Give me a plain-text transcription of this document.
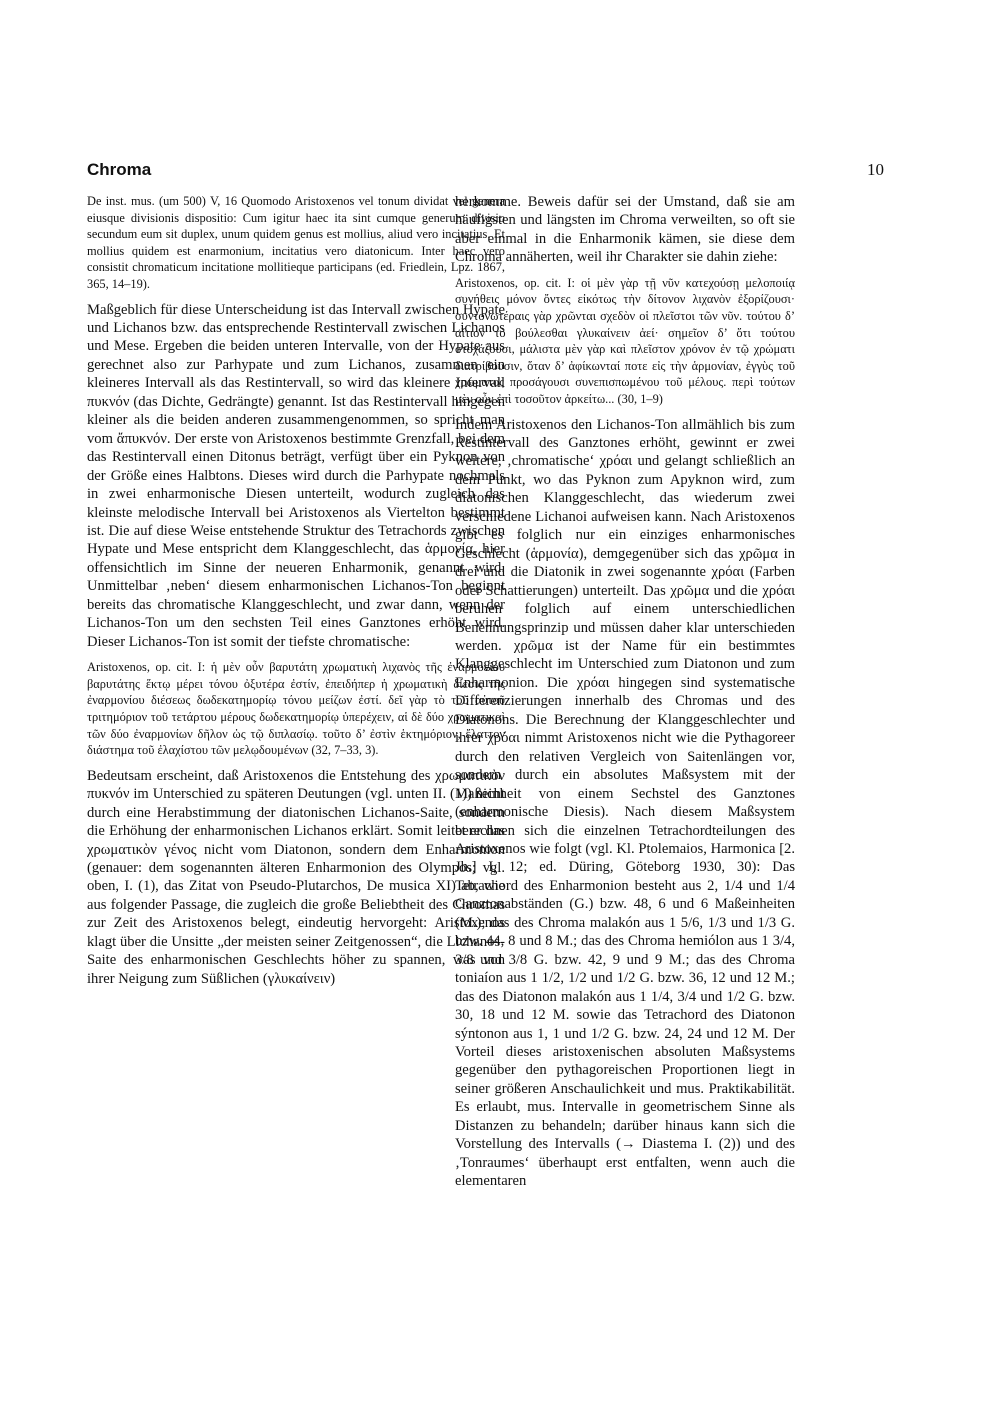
Chroma	10

De inst. mus. (um 500) V, 16 Quomodo Aristoxenos vel tonum dividat vel genera eiusque divisionis dispositio: Cum igitur haec ita sint cumque generum divisio secundum eum sit duplex, unum quidem genus est mollius, aliud vero incitatius. Et mollius quidem est enarmonium, incitatius vero diatonicum. Inter haec vero consistit chromaticum incitatione mollitieque participans (ed. Friedlein, Lpz. 1867, 365, 14–19).

Maßgeblich für diese Unterscheidung ist das Intervall zwischen Hypate und Lichanos bzw. das entsprechende Restintervall zwischen Lichanos und Mese. Ergeben die beiden unteren Intervalle, von der Hypate aus gerechnet also zur Parhypate und zum Lichanos, zusammen ein kleineres Intervall als das Restintervall, so wird das kleinere Intervall πυκνόν (das Dichte, Gedrängte) genannt. Ist das Restintervall hingegen kleiner als die beiden anderen zusammengenommen, so spricht man vom ἄπυκνόν. Der erste von Aristoxenos bestimmte Grenzfall, bei dem das Restintervall einen Ditonus beträgt, verfügt über ein Pyknon von der Größe eines Halbtons. Dieses wird durch die Parhypate nochmals in zwei enharmonische Diesen unterteilt, wodurch zugleich das kleinste melodische Intervall bei Aristoxenos als Viertelton bestimmt ist. Die auf diese Weise entstehende Struktur des Tetrachords zwischen Hypate und Mese entspricht dem Klanggeschlecht, das ἁρμονία, hier offensichtlich im Sinne der neueren Enharmonik, genannt wird. Unmittelbar ‚neben‘ diesem enharmonischen Lichanos-Ton beginnt bereits das chromatische Klanggeschlecht, und zwar dann, wenn der Lichanos-Ton um den sechsten Teil eines Ganztones erhöht wird. Dieser Lichanos-Ton ist somit der tiefste chromatische:

Aristoxenos, op. cit. I: ἡ μὲν οὖν βαρυτάτη χρωματικὴ λιχανὸς τῆς ἐναρμονίου βαρυτάτης ἕκτῳ μέρει τόνου ὀξυτέρα ἐστίν, ἐπειδήπερ ἡ χρωματικὴ δίεσις τῆς ἐναρμονίου διέσεως δωδεκατημορίῳ τόνου μείζων ἐστί. δεῖ γὰρ τὸ τοῦ αὐτοῦ τριτημόριον τοῦ τετάρτου μέρους δωδεκατημορίῳ ὑπερέχειν, αἱ δὲ δύο χρωματικαὶ τῶν δύο ἐναρμονίων δῆλον ὡς τῷ διπλασίῳ. τοῦτο δ’ ἐστὶν ἑκτημόριον, ἔλαττον διάστημα τοῦ ἐλαχίστου τῶν μελῳδουμένων (32, 7–33, 3).

Bedeutsam erscheint, daß Aristoxenos die Entstehung des χρωματικὸν πυκνόν im Unterschied zu späteren Deutungen (vgl. unten II. (1)) nicht durch eine Herabstimmung der diatonischen Lichanos-Saite, sondern die Erhöhung der enharmonischen Lichanos erklärt. Somit leitet er das χρωματικὸν γένος nicht vom Diatonon, sondern dem Enharmonion (genauer: dem sogenannten älteren Enharmonion des Olympos; vgl. oben, I. (1), das Zitat von Pseudo-Plutarchos, De musica XI) ab, wie aus folgender Passage, die zugleich die große Beliebtheit des Chromas zur Zeit des Aristoxenos belegt, eindeutig hervorgeht: Aristoxenos klagt über die Unsitte „der meisten seiner Zeitgenossen“, die Lichanos-Saite des enharmonischen Geschlechts höher zu spannen, was von ihrer Neigung zum Süßlichen (γλυκαίνειν)

herkomme. Beweis dafür sei der Umstand, daß sie am häufigsten und längsten im Chroma verweilten, so oft sie aber einmal in die Enharmonik kämen, sie diese dem Chroma annäherten, weil ihr Charakter sie dahin ziehe:

Aristoxenos, op. cit. I: οἱ μὲν γὰρ τῇ νῦν κατεχούσῃ μελοποιίᾳ συνήθεις μόνον ὄντες εἰκότως τὴν δίτονον λιχανὸν ἐξορίζουσι· συντονωτέραις γὰρ χρῶνται σχεδὸν οἱ πλεῖστοι τῶν νῦν. τούτου δ’ αἴτιον τὸ βούλεσθαι γλυκαίνειν ἀεί· σημεῖον δ’ ὅτι τούτου στοχάζουσι, μάλιστα μὲν γὰρ καὶ πλεῖστον χρόνον ἐν τῷ χρώματι διατρίβουσιν, ὅταν δ’ ἀφίκωνταί ποτε εἰς τὴν ἁρμονίαν, ἐγγὺς τοῦ χρώματος προσάγουσι συνεπισπωμένου τοῦ μέλους. περὶ τούτων μὲν οὖν ἐπὶ τοσοῦτον ἀρκείτω... (30, 1–9)

Indem Aristoxenos den Lichanos-Ton allmählich bis zum Restintervall des Ganztones erhöht, gewinnt er zwei weitere, ‚chromatische‘ χρόαι und gelangt schließlich an dem Punkt, wo das Pyknon zum Apyknon wird, zum diatonischen Klanggeschlecht, das wiederum zwei verschiedene Lichanoi aufweisen kann. Nach Aristoxenos gibt es folglich nur ein einziges enharmonisches Geschlecht (ἁρμονία), demgegenüber sich das χρῶμα in drei und die Diatonik in zwei sogenannte χρόαι (Farben oder Schattierungen) unterteilt. Das χρῶμα und die χρόαι beruhen folglich auf einem unterschiedlichen Benennungsprinzip und müssen daher klar unterschieden werden. χρῶμα ist der Name für ein bestimmtes Klanggeschlecht im Unterschied zum Diatonon und zum Enharmonion. Die χρόαι hingegen sind systematische Differenzierungen innerhalb des Chromas und des Diatonons. Die Berechnung der Klanggeschlechter und ihrer χρόαι nimmt Aristoxenos nicht wie die Pythagoreer durch den relativen Vergleich von Saitenlängen vor, sondern durch ein absolutes Maßsystem mit der Maßeinheit von einem Sechstel des Ganztones (enharmonische Diesis). Nach diesem Maßsystem berechnen sich die einzelnen Tetrachordteilungen des Aristoxenos wie folgt (vgl. Kl. Ptolemaios, Harmonica [2. Jh.] I, 12; ed. Düring, Göteborg 1930, 30): Das Tetrachord des Enharmonion besteht aus 2, 1/4 und 1/4 Ganztonabständen (G.) bzw. 48, 6 und 6 Maßeinheiten (M.); das des Chroma malakón aus 1 5/6, 1/3 und 1/3 G. bzw. 44, 8 und 8 M.; das des Chroma hemiólon aus 1 3/4, 3/8 und 3/8 G. bzw. 42, 9 und 9 M.; das des Chroma toniaíon aus 1 1/2, 1/2 und 1/2 G. bzw. 36, 12 und 12 M.; das des Diatonon malakón aus 1 1/4, 3/4 und 1/2 G. bzw. 30, 18 und 12 M. sowie das Tetrachord des Diatonon sýntonon aus 1, 1 und 1/2 G. bzw. 24, 24 und 12 M. Der Vorteil dieses aristoxenischen absoluten Maßsystems gegenüber den pythagoreischen Proportionen liegt in seiner größeren Anschaulichkeit und mus. Praktikabilität. Es erlaubt, mus. Intervalle in geometrischem Sinne als Distanzen zu behandeln; darüber hinaus kann sich die Vorstellung des Intervalls (→ Diastema I. (2)) und des ‚Tonraumes‘ überhaupt erst entfalten, wenn auch die elementaren
